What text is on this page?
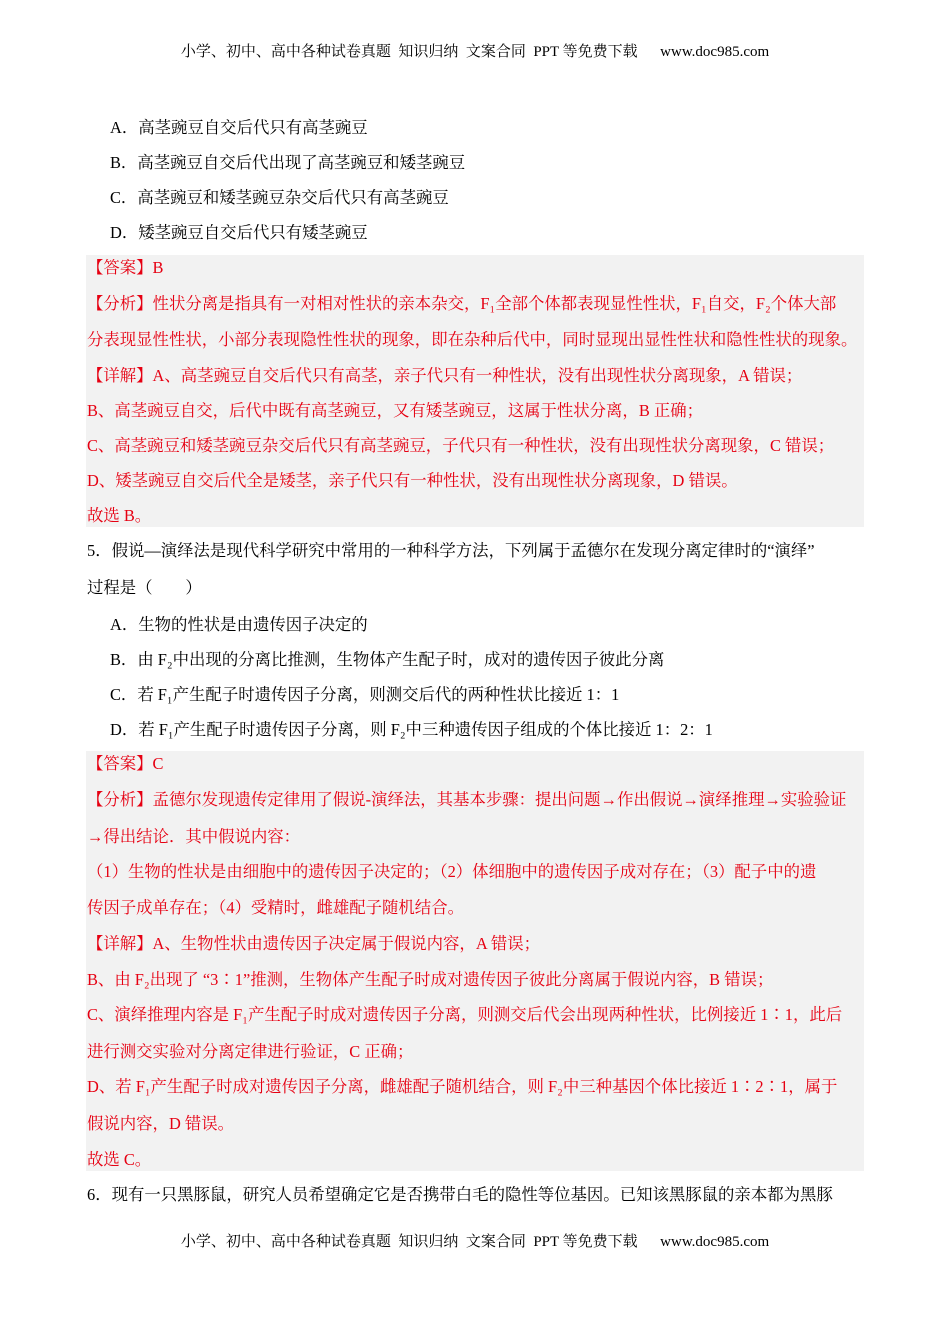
小学、初中、高中各种试卷真题  知识归纳  文案合同  PPT 等免费下载      www.doc985.com
A．高茎豌豆自交后代只有高茎豌豆
B．高茎豌豆自交后代出现了高茎豌豆和矮茎豌豆
C．高茎豌豆和矮茎豌豆杂交后代只有高茎豌豆
D．矮茎豌豆自交后代只有矮茎豌豆
【答案】B
【分析】性状分离是指具有一对相对性状的亲本杂交，F₁全部个体都表现显性性状，F₁自交，F₂个体大部
分表现显性性状，小部分表现隐性性状的现象，即在杂种后代中，同时显现出显性性状和隐性性状的现象。
【详解】A、高茎豌豆自交后代只有高茎，亲子代只有一种性状，没有出现性状分离现象，A 错误；
B、高茎豌豆自交，后代中既有高茎豌豆，又有矮茎豌豆，这属于性状分离，B 正确；
C、高茎豌豆和矮茎豌豆杂交后代只有高茎豌豆，子代只有一种性状，没有出现性状分离现象，C 错误；
D、矮茎豌豆自交后代全是矮茎，亲子代只有一种性状，没有出现性状分离现象，D 错误。
故选 B。
5．假说—演绎法是现代科学研究中常用的一种科学方法，下列属于孟德尔在发现分离定律时的“演绎”
过程是（　　）
A．生物的性状是由遗传因子决定的
B．由 F₂中出现的分离比推测，生物体产生配子时，成对的遗传因子彼此分离
C．若 F₁产生配子时遗传因子分离，则测交后代的两种性状比接近 1：1
D．若 F₁产生配子时遗传因子分离，则 F₂中三种遗传因子组成的个体比接近 1：2：1
【答案】C
【分析】孟德尔发现遗传定律用了假说-演绎法，其基本步骤：提出问题→作出假说→演绎推理→实验验证
→得出结论．其中假说内容：
（1）生物的性状是由细胞中的遗传因子决定的；（2）体细胞中的遗传因子成对存在；（3）配子中的遗
传因子成单存在；（4）受精时，雌雄配子随机结合。
【详解】A、生物性状由遗传因子决定属于假说内容，A 错误；
B、由 F₂出现了 “3∶1”推测，生物体产生配子时成对遗传因子彼此分离属于假说内容，B 错误；
C、演绎推理内容是 F₁产生配子时成对遗传因子分离，则测交后代会出现两种性状，比例接近 1∶1，此后
进行测交实验对分离定律进行验证，C 正确；
D、若 F₁产生配子时成对遗传因子分离，雌雄配子随机结合，则 F₂中三种基因个体比接近 1∶2∶1，属于
假说内容，D 错误。
故选 C。
6．现有一只黑豚鼠，研究人员希望确定它是否携带白毛的隐性等位基因。已知该黑豚鼠的亲本都为黑豚
小学、初中、高中各种试卷真题  知识归纳  文案合同  PPT 等免费下载      www.doc985.com
